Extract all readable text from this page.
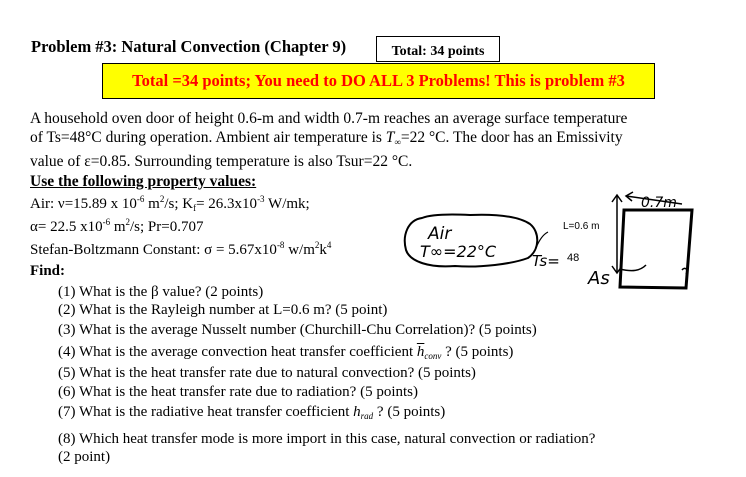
Problem #3: Natural Convection (Chapter 9)	Total: 34 points
Total =34 points; You need to DO ALL 3 Problems! This is problem #3
A household oven door of height 0.6-m and width 0.7-m reaches an average surface temperature
of Ts=48°C during operation. Ambient air temperature is $T_\infty=22$ °C. The door has an Emissivity
value of ε=0.85. Surrounding temperature is also Tsur=22 °C.
Use the following property values:
Air: ν=15.89 x $10^{-6}$ $m^2/s$; $K_f= 26.3x10^{-3}$ W/mk;
α= 22.5 $x10^{-6}$ $m^2/s$; Pr=0.707
Stefan-Boltzmann Constant: $\sigma = 5.67x10^{-8}$ $w/m^2k^4$
Find:
(1) What is the β value? (2 points)
(2) What is the Rayleigh number at L=0.6 m? (5 point)
(3) What is the average Nusselt number (Churchill-Chu Correlation)? (5 points)
(4) What is the average convection heat transfer coefficient $\overline{h}_{conv}$ ? (5 points)
(5) What is the heat transfer rate due to natural convection? (5 points)
(6) What is the heat transfer rate due to radiation? (5 points)
(7) What is the radiative heat transfer coefficient $h_{rad}$ ? (5 points)
(8) Which heat transfer mode is more import in this case, natural convection or radiation?
(2 point)
Air
T∞=22°C Ts= 48
L=0.6 m
0.7m
As
